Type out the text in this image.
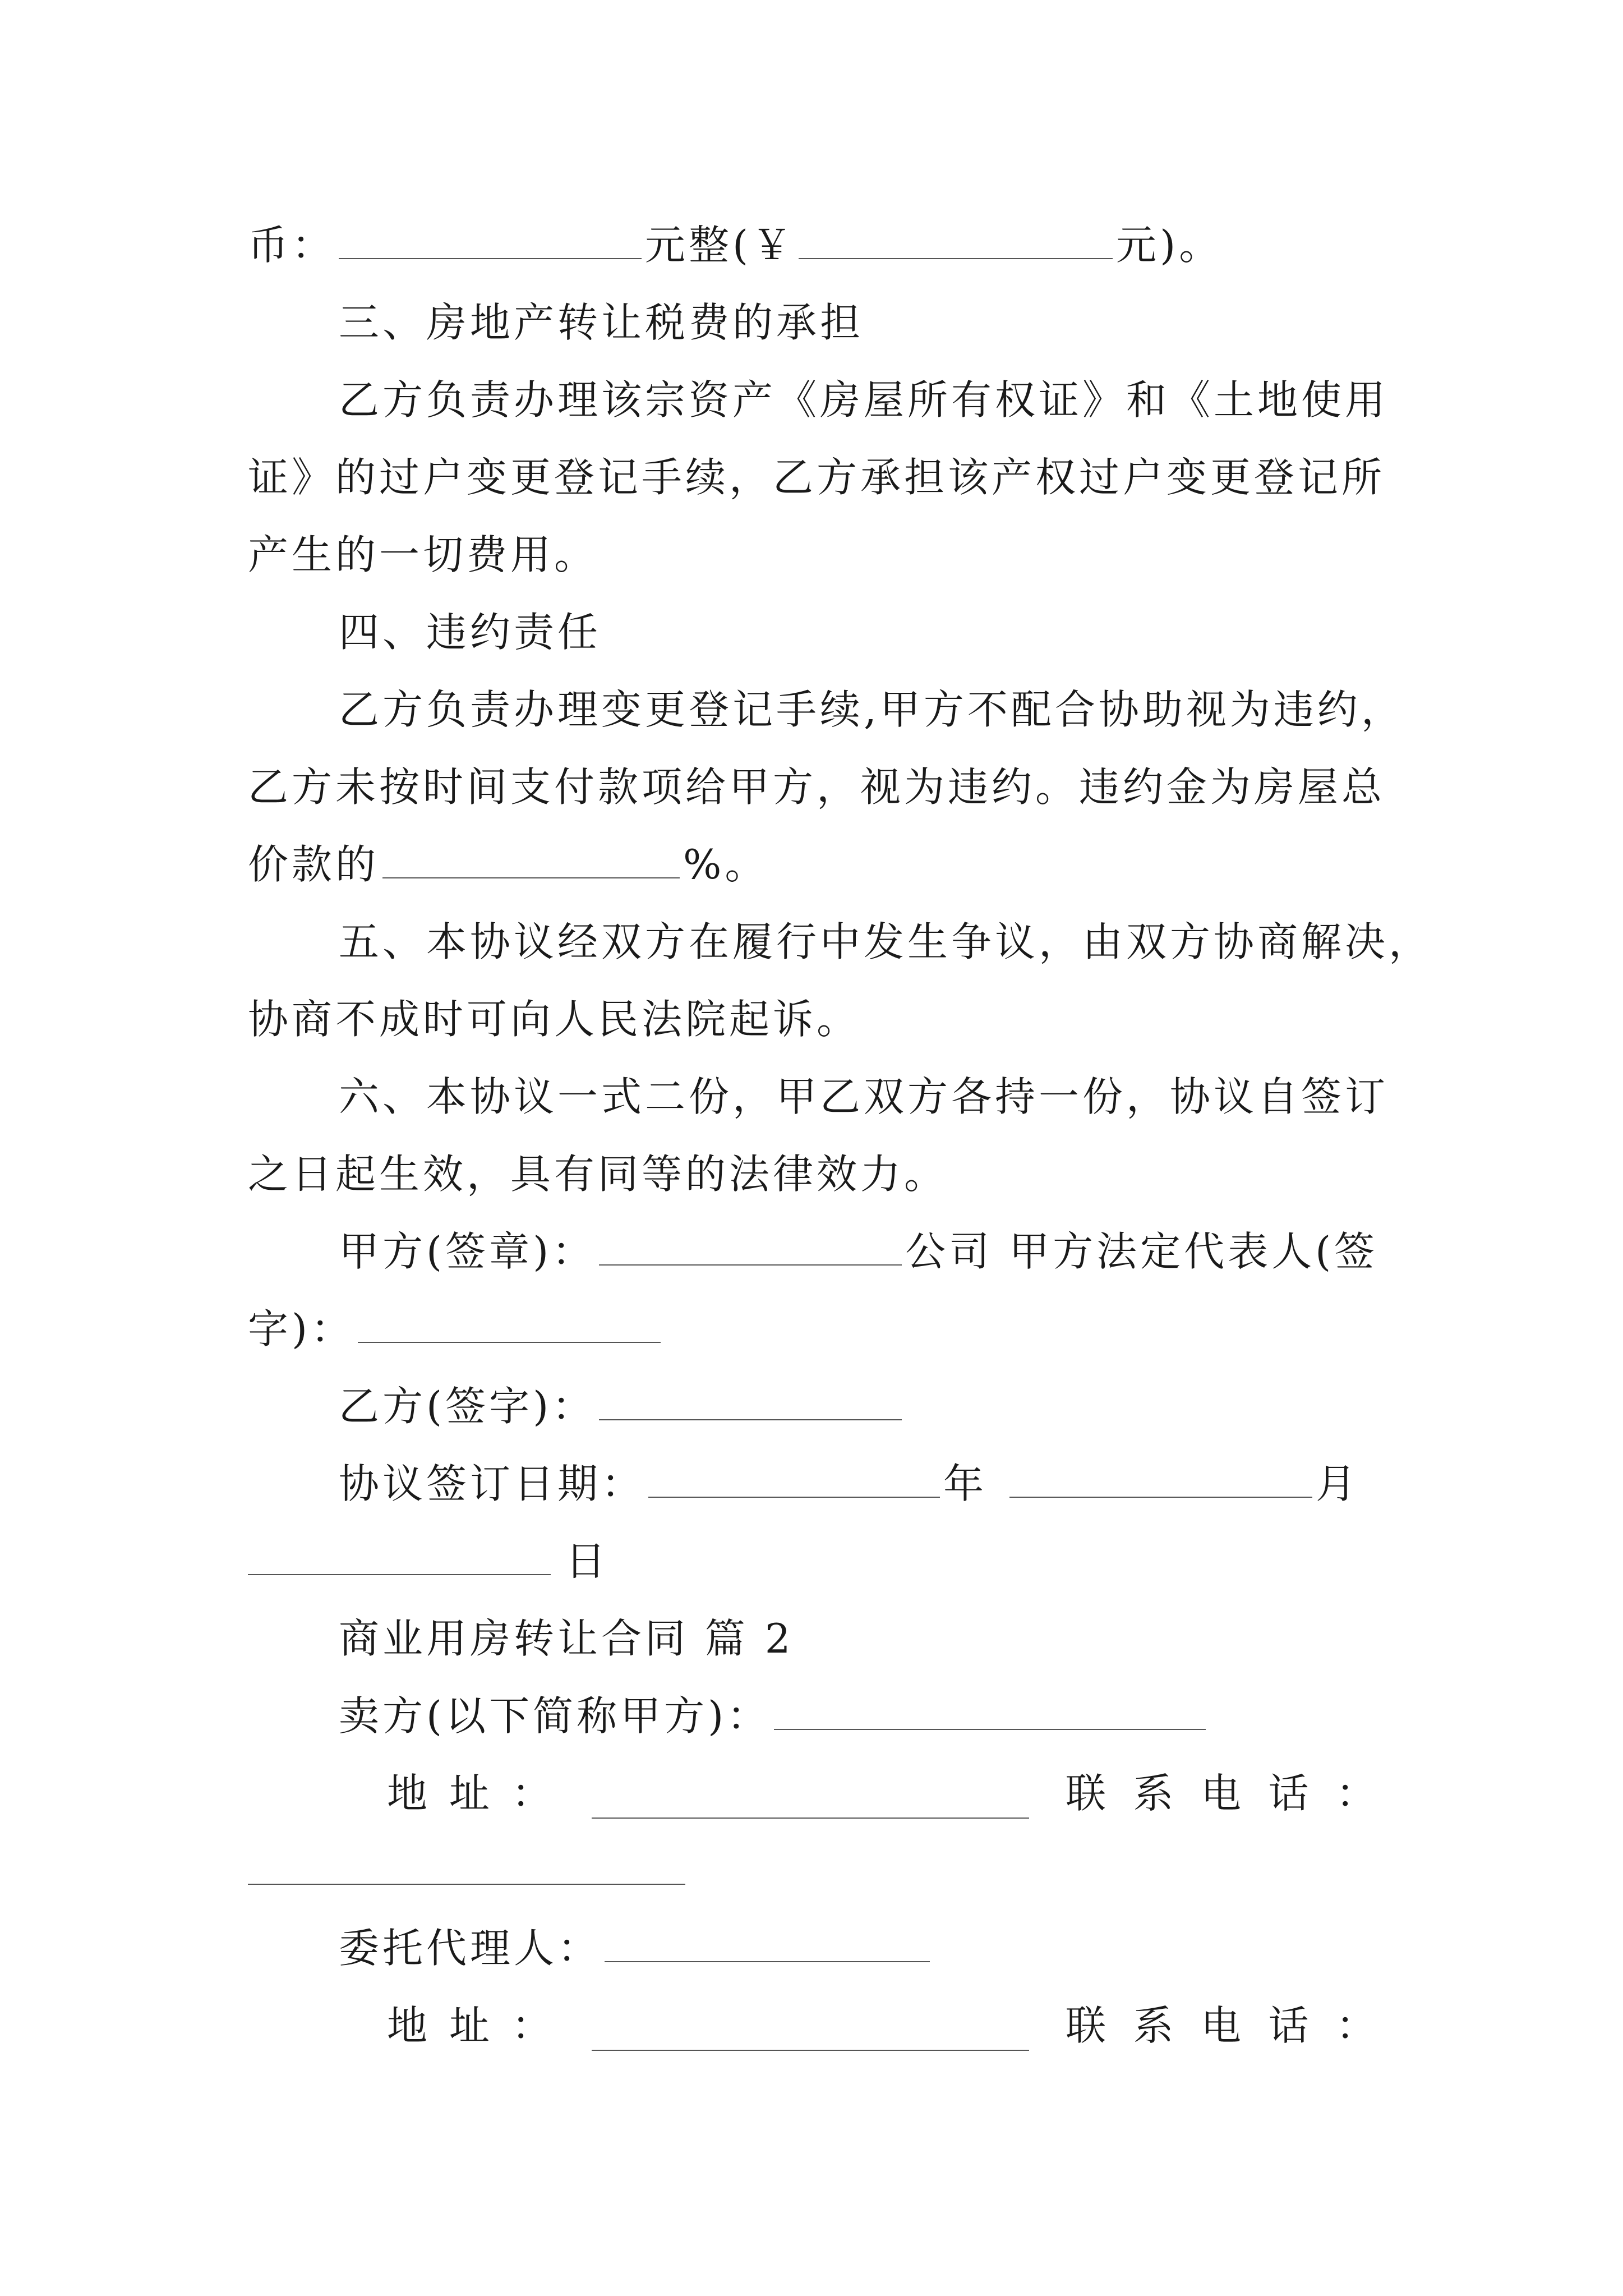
币：	元整(￥	元)。
三、房地产转让税费的承担
乙方负责办理该宗资产《房屋所有权证》和《土地使用
证》的过户变更登记手续，乙方承担该产权过户变更登记所
产生的一切费用。
四、违约责任
乙方负责办理变更登记手续,甲方不配合协助视为违约，
乙方未按时间支付款项给甲方，视为违约。违约金为房屋总
价款的	%。
五、本协议经双方在履行中发生争议，由双方协商解决，
协商不成时可向人民法院起诉。
六、本协议一式二份，甲乙双方各持一份，协议自签订
之日起生效，具有同等的法律效力。
甲方(签章)：	公司 甲方法定代表人(签
字)：
乙方(签字)：
协议签订日期：	年	月
日
商业用房转让合同 篇 2
卖方(以下简称甲方)：
地 址 ：	联 系 电 话 ：
委托代理人：
地 址 ：	联 系 电 话 ：
